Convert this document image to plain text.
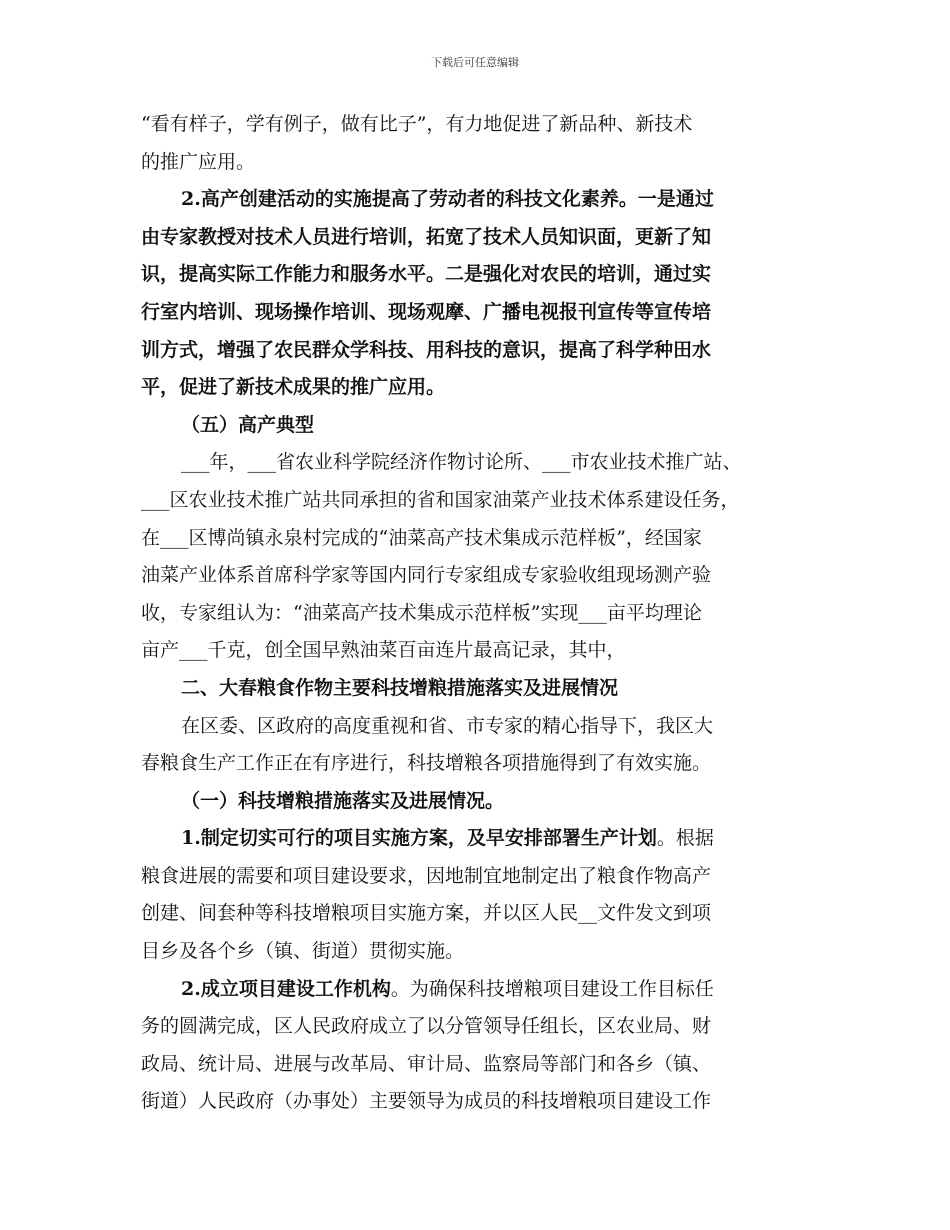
下载后可任意编辑
“看有样子，学有例子，做有比子”，有力地促进了新品种、新技术
的推广应用。
2.高产创建活动的实施提高了劳动者的科技文化素养。一是通过
由专家教授对技术人员进行培训，拓宽了技术人员知识面，更新了知
识，提高实际工作能力和服务水平。二是强化对农民的培训，通过实
行室内培训、现场操作培训、现场观摩、广播电视报刊宣传等宣传培
训方式，增强了农民群众学科技、用科技的意识，提高了科学种田水
平，促进了新技术成果的推广应用。
（五）高产典型
___年，___省农业科学院经济作物讨论所、___市农业技术推广站、
___区农业技术推广站共同承担的省和国家油菜产业技术体系建设任务，
在___区博尚镇永泉村完成的“油菜高产技术集成示范样板”，经国家
油菜产业体系首席科学家等国内同行专家组成专家验收组现场测产验
收，专家组认为：“油菜高产技术集成示范样板”实现___亩平均理论
亩产___千克，创全国早熟油菜百亩连片最高记录，其中，
二、大春粮食作物主要科技增粮措施落实及进展情况
在区委、区政府的高度重视和省、市专家的精心指导下，我区大
春粮食生产工作正在有序进行，科技增粮各项措施得到了有效实施。
（一）科技增粮措施落实及进展情况。
1.制定切实可行的项目实施方案，及早安排部署生产计划。根据
粮食进展的需要和项目建设要求，因地制宜地制定出了粮食作物高产
创建、间套种等科技增粮项目实施方案，并以区人民__文件发文到项
目乡及各个乡（镇、街道）贯彻实施。
2.成立项目建设工作机构。为确保科技增粮项目建设工作目标任
务的圆满完成，区人民政府成立了以分管领导任组长，区农业局、财
政局、统计局、进展与改革局、审计局、监察局等部门和各乡（镇、
街道）人民政府（办事处）主要领导为成员的科技增粮项目建设工作
